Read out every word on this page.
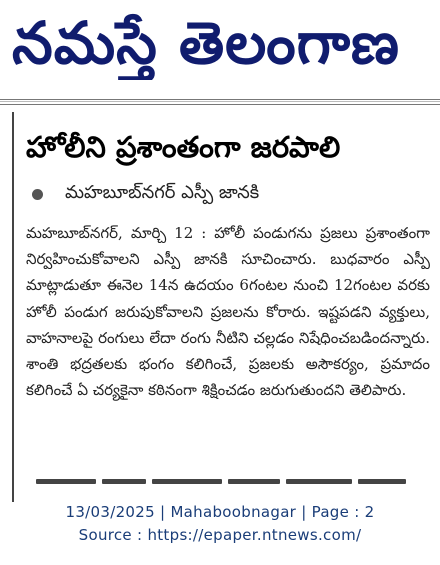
నమస్తే తెలంగాణ
హోలీని ప్రశాంతంగా జరపాలి
మహబూబ్‌నగర్ ఎస్పీ జానకి
మహబూబ్‌నగర్, మార్చి 12 : హోలీ పండుగను ప్రజలు ప్రశాంతంగా నిర్వహించుకోవాలని ఎస్పీ జానకి సూచించారు. బుధవారం ఎస్పీ మాట్లాడుతూ ఈనెల 14న ఉదయం 6గంటల నుంచి 12గంటల వరకు హోలీ పండుగ జరుపుకోవాలని ప్రజలను కోరారు. ఇష్టపడని వ్యక్తులు, వాహనాలపై రంగులు లేదా రంగు నీటిని చల్లడం నిషేధించబడిందన్నారు. శాంతి భద్రతలకు భంగం కలిగించే, ప్రజలకు అసౌకర్యం, ప్రమాదం కలిగించే ఏ చర్యకైనా కఠినంగా శిక్షించడం జరుగుతుందని తెలిపారు.
13/03/2025 | Mahaboobnagar | Page : 2
Source : https://epaper.ntnews.com/
